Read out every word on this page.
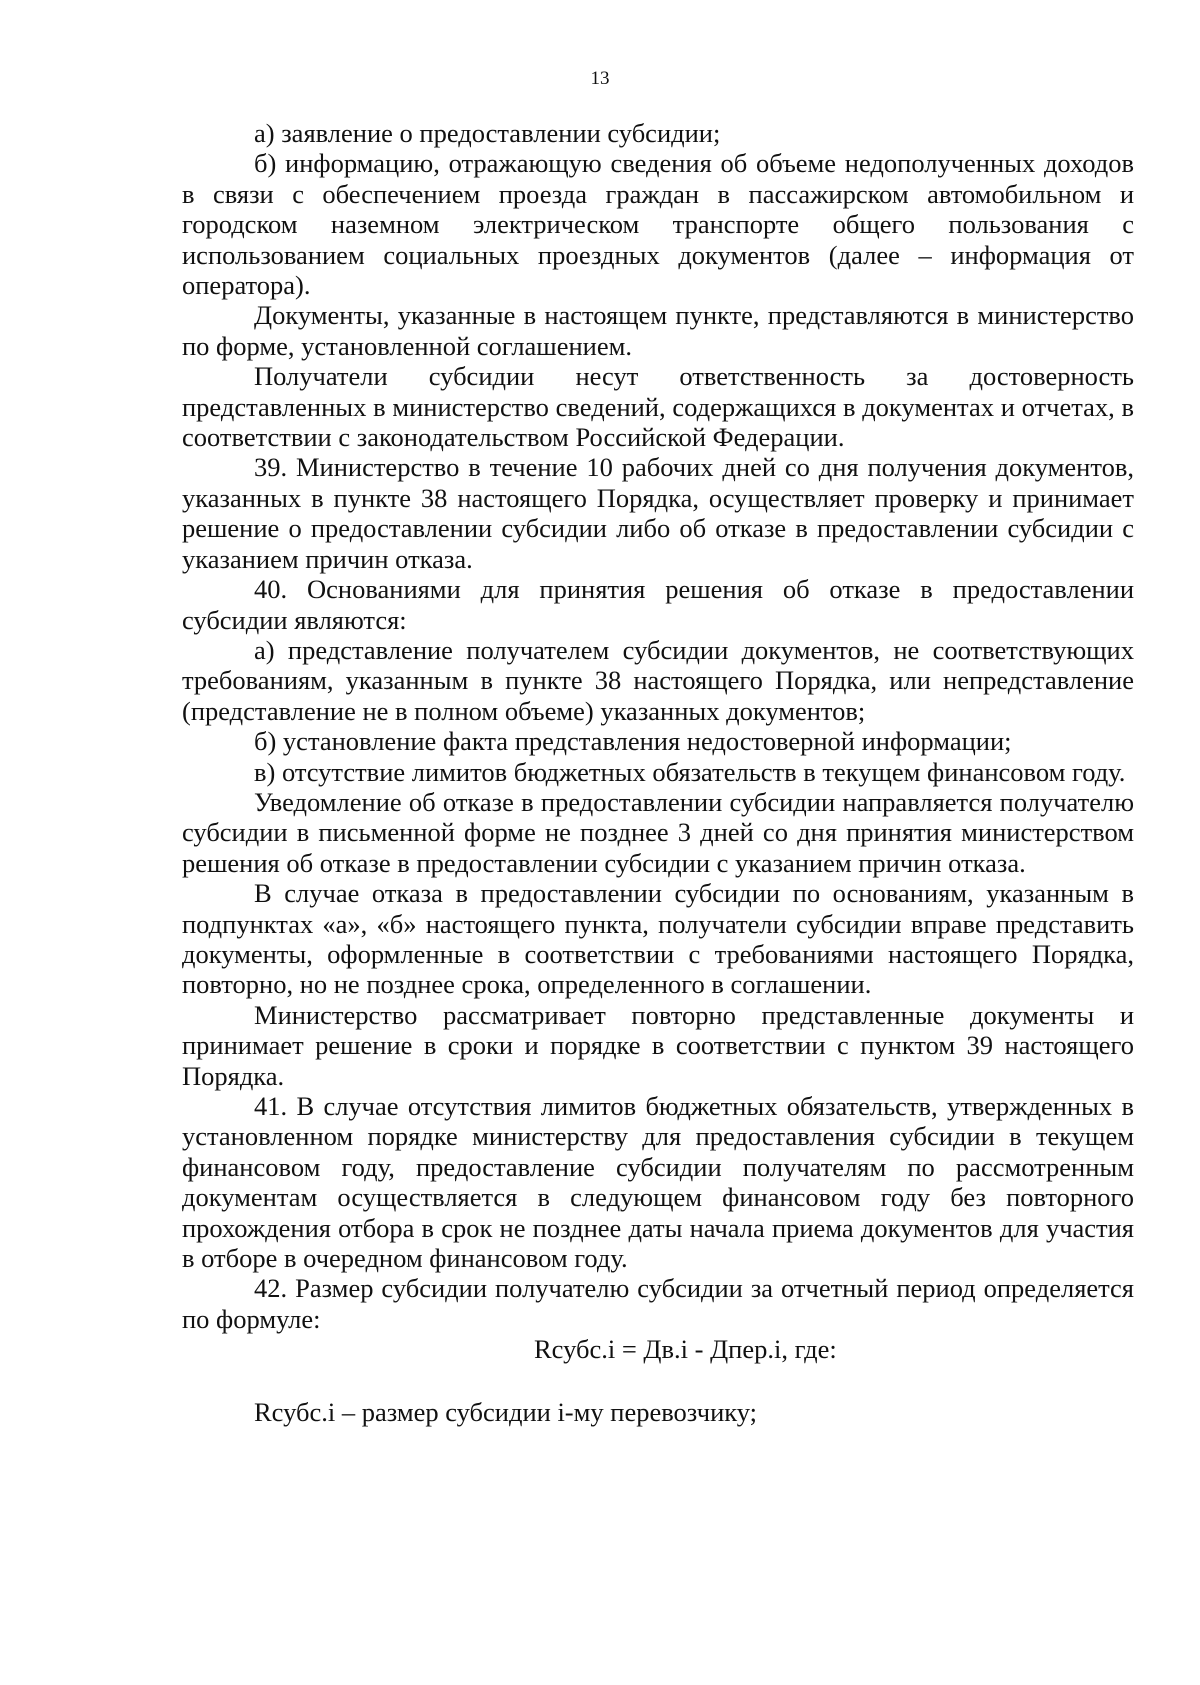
13

а) заявление о предоставлении субсидии;

б) информацию, отражающую сведения об объеме недополученных доходов в связи с обеспечением проезда граждан в пассажирском автомобильном и городском наземном электрическом транспорте общего пользования с использованием социальных проездных документов (далее – информация от оператора).

Документы, указанные в настоящем пункте, представляются в министерство по форме, установленной соглашением.

Получатели субсидии несут ответственность за достоверность представленных в министерство сведений, содержащихся в документах и отчетах, в соответствии с законодательством Российской Федерации.

39. Министерство в течение 10 рабочих дней со дня получения документов, указанных в пункте 38 настоящего Порядка, осуществляет проверку и принимает решение о предоставлении субсидии либо об отказе в предоставлении субсидии с указанием причин отказа.

40. Основаниями для принятия решения об отказе в предоставлении субсидии являются:

а) представление получателем субсидии документов, не соответствующих требованиям, указанным в пункте 38 настоящего Порядка, или непредставление (представление не в полном объеме) указанных документов;

б) установление факта представления недостоверной информации;

в) отсутствие лимитов бюджетных обязательств в текущем финансовом году.

Уведомление об отказе в предоставлении субсидии направляется получателю субсидии в письменной форме не позднее 3 дней со дня принятия министерством решения об отказе в предоставлении субсидии с указанием причин отказа.

В случае отказа в предоставлении субсидии по основаниям, указанным в подпунктах «а», «б» настоящего пункта, получатели субсидии вправе представить документы, оформленные в соответствии с требованиями настоящего Порядка, повторно, но не позднее срока, определенного в соглашении.

Министерство рассматривает повторно представленные документы и принимает решение в сроки и порядке в соответствии с пунктом 39 настоящего Порядка.

41. В случае отсутствия лимитов бюджетных обязательств, утвержденных в установленном порядке министерству для предоставления субсидии в текущем финансовом году, предоставление субсидии получателям по рассмотренным документам осуществляется в следующем финансовом году без повторного прохождения отбора в срок не позднее даты начала приема документов для участия в отборе в очередном финансовом году.

42. Размер субсидии получателю субсидии за отчетный период определяется по формуле:

Rсубс.i = Дв.i - Дпер.i, где:

Rсубс.i – размер субсидии i-му перевозчику;
